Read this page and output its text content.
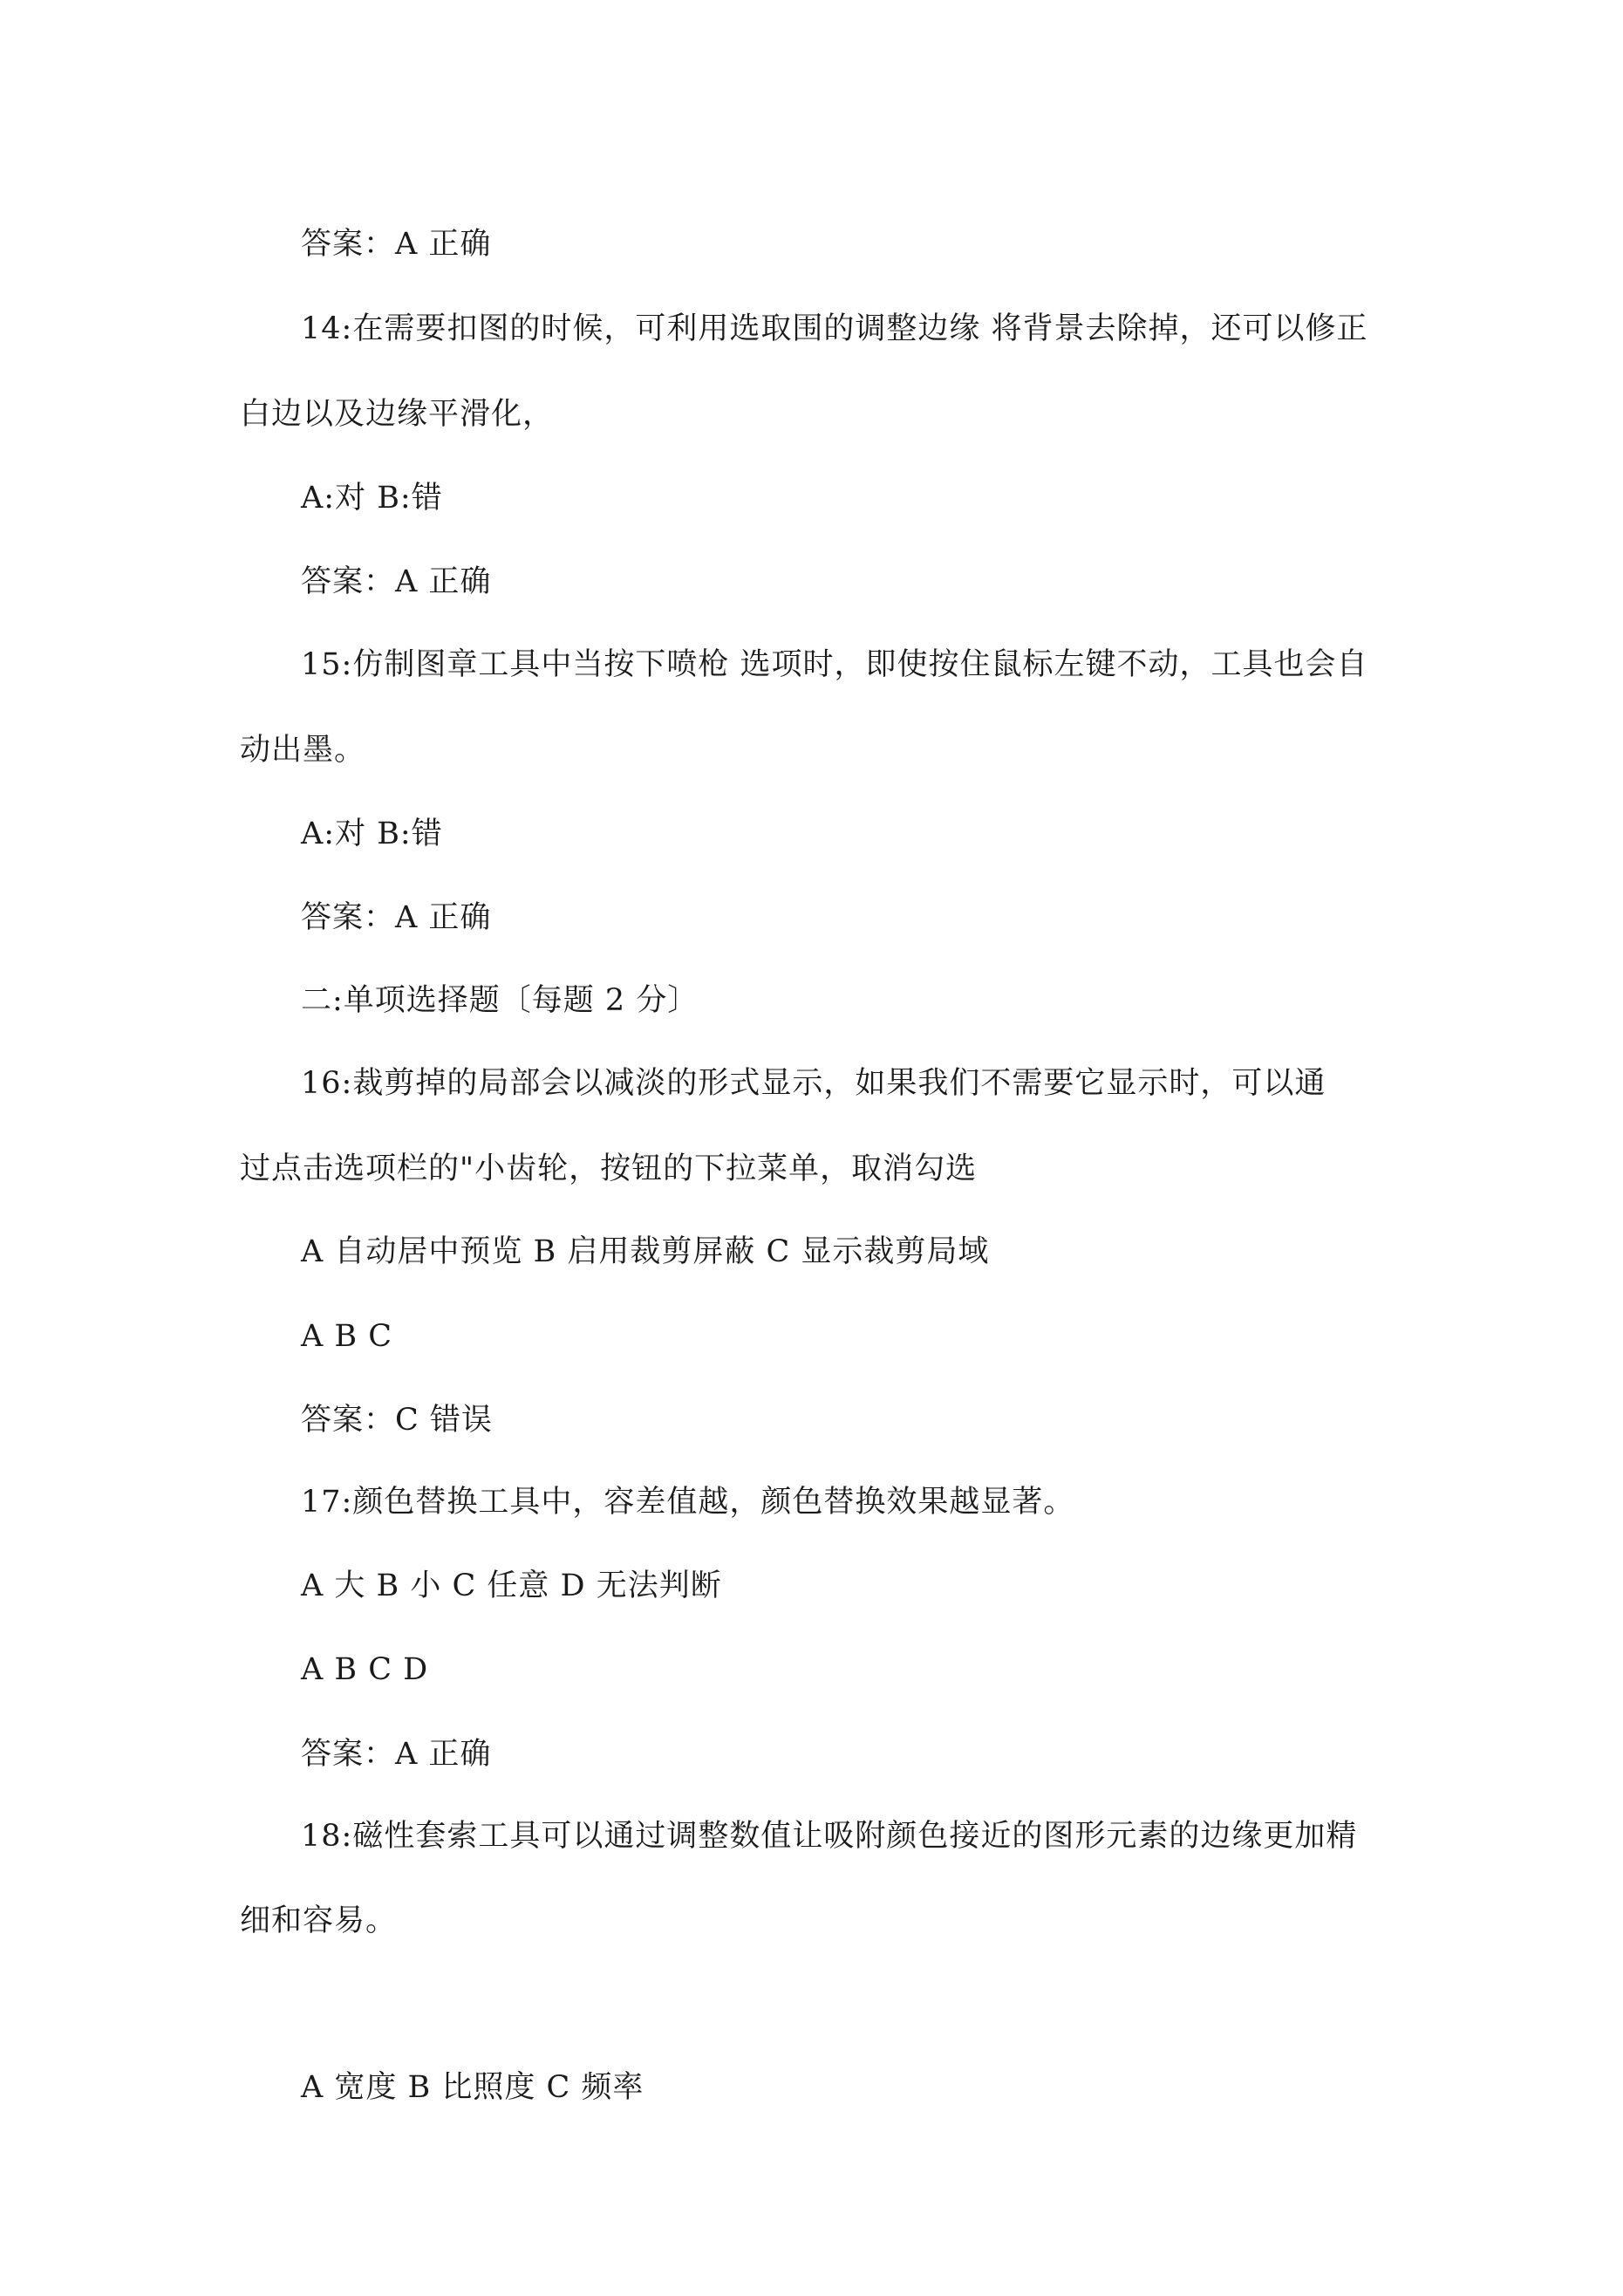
答案：A 正确
14:在需要扣图的时候，可利用选取围的调整边缘 将背景去除掉，还可以修正
白边以及边缘平滑化，
A:对 B:错
答案：A 正确
15:仿制图章工具中当按下喷枪 选项时，即使按住鼠标左键不动，工具也会自
动出墨。
A:对 B:错
答案：A 正确
二:单项选择题〔每题 2 分〕
16:裁剪掉的局部会以减淡的形式显示，如果我们不需要它显示时，可以通
过点击选项栏的"小齿轮，按钮的下拉菜单，取消勾选
A 自动居中预览 B 启用裁剪屏蔽 C 显示裁剪局域
A B C
答案：C 错误
17:颜色替换工具中，容差值越，颜色替换效果越显著。
A 大 B 小 C 任意 D 无法判断
A B C D
答案：A 正确
18:磁性套索工具可以通过调整数值让吸附颜色接近的图形元素的边缘更加精
细和容易。
A 宽度 B 比照度 C 频率
